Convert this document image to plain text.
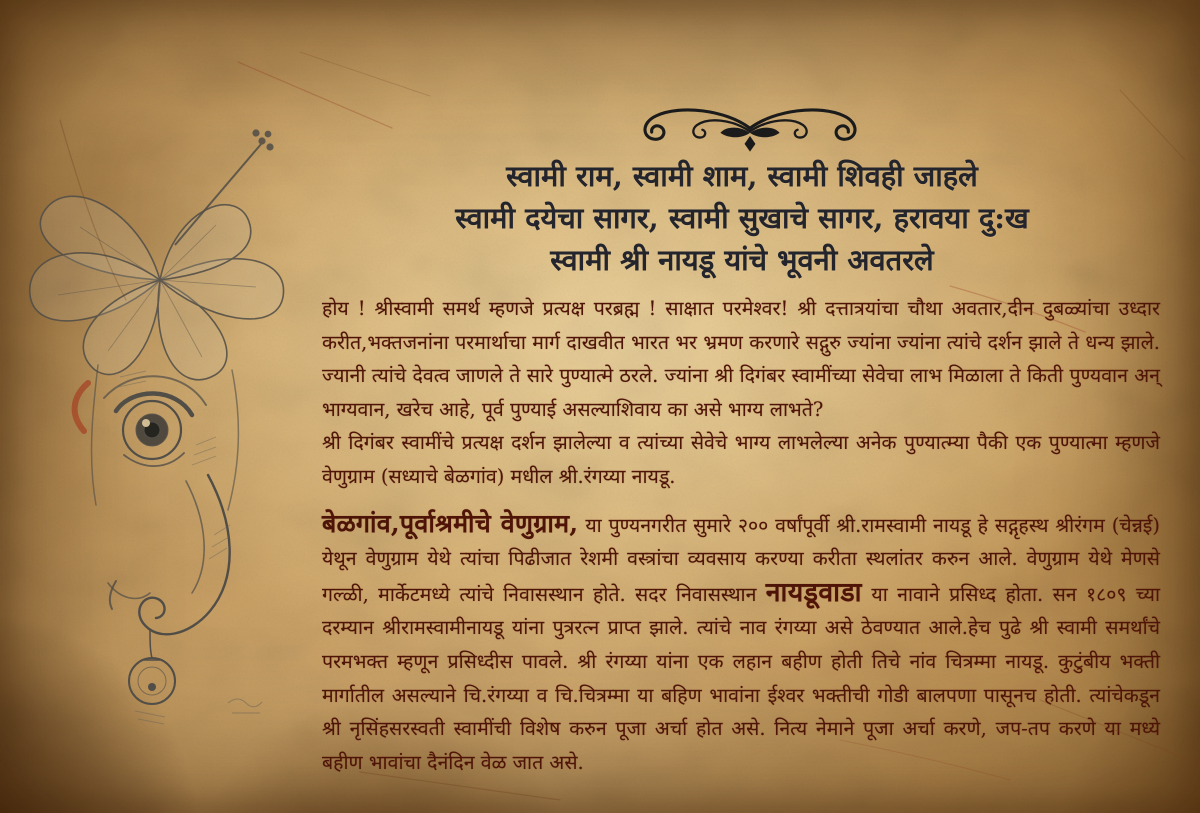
स्वामी राम, स्वामी शाम, स्वामी शिवही जाहले
स्वामी दयेचा सागर, स्वामी सुखाचे सागर, हरावया दु:ख
स्वामी श्री नायडू यांचे भूवनी अवतरले

होय ! श्रीस्वामी समर्थ म्हणजे प्रत्यक्ष परब्रह्म ! साक्षात परमेश्वर! श्री दत्तात्रयांचा चौथा अवतार,दीन दुबळ्यांचा उध्दार करीत,भक्तजनांना परमार्थाचा मार्ग दाखवीत भारत भर भ्रमण करणारे सद्गुरु ज्यांना ज्यांना त्यांचे दर्शन झाले ते धन्य झाले. ज्यानी त्यांचे देवत्व जाणले ते सारे पुण्यात्मे ठरले. ज्यांना श्री दिगंबर स्वामींच्या सेवेचा लाभ मिळाला ते किती पुण्यवान अन् भाग्यवान, खरेच आहे, पूर्व पुण्याई असल्याशिवाय का असे भाग्य लाभते?

श्री दिगंबर स्वामींचे प्रत्यक्ष दर्शन झालेल्या व त्यांच्या सेवेचे भाग्य लाभलेल्या अनेक पुण्यात्म्या पैकी एक पुण्यात्मा म्हणजे वेणुग्राम (सध्याचे बेळगांव) मधील श्री.रंगय्या नायडू.

बेळगांव,पूर्वाश्रमीचे वेणुग्राम, या पुण्यनगरीत सुमारे २०० वर्षांपूर्वी श्री.रामस्वामी नायडू हे सद्गृहस्थ श्रीरंगम (चेन्नई) येथून वेणुग्राम येथे त्यांचा पिढीजात रेशमी वस्त्रांचा व्यवसाय करण्या करीता स्थलांतर करुन आले. वेणुग्राम येथे मेणसे गल्ळी, मार्केटमध्ये त्यांचे निवासस्थान होते. सदर निवासस्थान नायडूवाडा या नावाने प्रसिध्द होता. सन १८०९ च्या दरम्यान श्रीरामस्वामीनायडू यांना पुत्ररत्न प्राप्त झाले. त्यांचे नाव रंगय्या असे ठेवण्यात आले.हेच पुढे श्री स्वामी समर्थांचे परमभक्त म्हणून प्रसिध्दीस पावले. श्री रंगय्या यांना एक लहान बहीण होती तिचे नांव चित्रम्मा नायडू. कुटुंबीय भक्ती मार्गातील असल्याने चि.रंगय्या व चि.चित्रम्मा या बहिण भावांना ईश्वर भक्तीची गोडी बालपणा पासूनच होती. त्यांचेकडून श्री नृसिंहसरस्वती स्वामींची विशेष करुन पूजा अर्चा होत असे. नित्य नेमाने पूजा अर्चा करणे, जप-तप करणे या मध्ये बहीण भावांचा दैनंदिन वेळ जात असे.
